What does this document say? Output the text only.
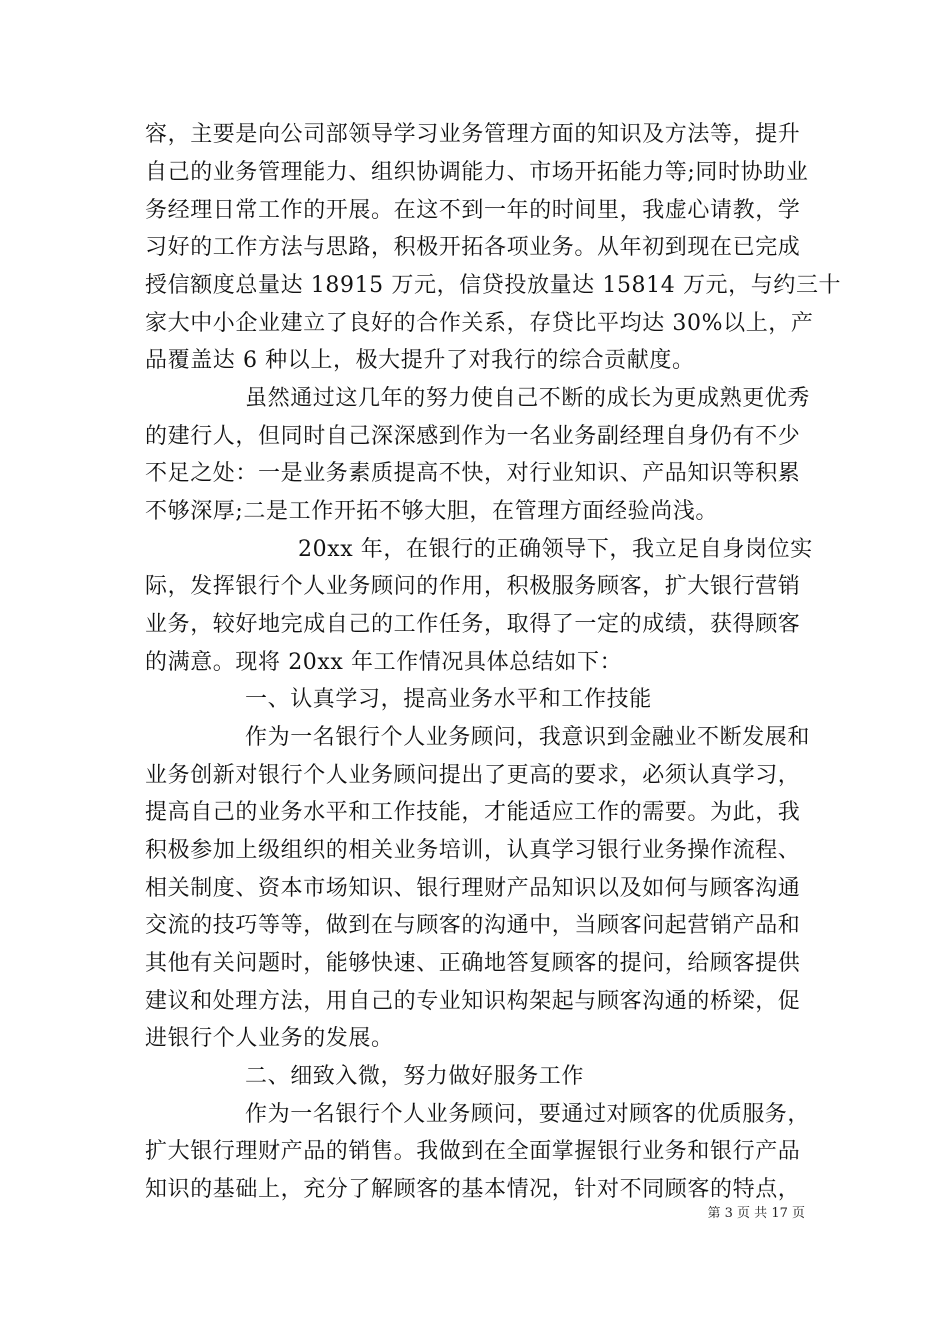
容，主要是向公司部领导学习业务管理方面的知识及方法等，提升
自己的业务管理能力、组织协调能力、市场开拓能力等;同时协助业
务经理日常工作的开展。在这不到一年的时间里，我虚心请教，学
习好的工作方法与思路，积极开拓各项业务。从年初到现在已完成
授信额度总量达 18915 万元，信贷投放量达 15814 万元，与约三十
家大中小企业建立了良好的合作关系，存贷比平均达 30%以上，产
品覆盖达 6 种以上，极大提升了对我行的综合贡献度。
虽然通过这几年的努力使自己不断的成长为更成熟更优秀
的建行人，但同时自己深深感到作为一名业务副经理自身仍有不少
不足之处：一是业务素质提高不快，对行业知识、产品知识等积累
不够深厚;二是工作开拓不够大胆，在管理方面经验尚浅。
20xx 年，在银行的正确领导下，我立足自身岗位实
际，发挥银行个人业务顾问的作用，积极服务顾客，扩大银行营销
业务，较好地完成自己的工作任务，取得了一定的成绩，获得顾客
的满意。现将 20xx 年工作情况具体总结如下：
一、认真学习，提高业务水平和工作技能
作为一名银行个人业务顾问，我意识到金融业不断发展和
业务创新对银行个人业务顾问提出了更高的要求，必须认真学习，
提高自己的业务水平和工作技能，才能适应工作的需要。为此，我
积极参加上级组织的相关业务培训，认真学习银行业务操作流程、
相关制度、资本市场知识、银行理财产品知识以及如何与顾客沟通
交流的技巧等等，做到在与顾客的沟通中，当顾客问起营销产品和
其他有关问题时，能够快速、正确地答复顾客的提问，给顾客提供
建议和处理方法，用自己的专业知识构架起与顾客沟通的桥梁，促
进银行个人业务的发展。
二、细致入微，努力做好服务工作
作为一名银行个人业务顾问，要通过对顾客的优质服务，
扩大银行理财产品的销售。我做到在全面掌握银行业务和银行产品
知识的基础上，充分了解顾客的基本情况，针对不同顾客的特点，
第 3 页 共 17 页
